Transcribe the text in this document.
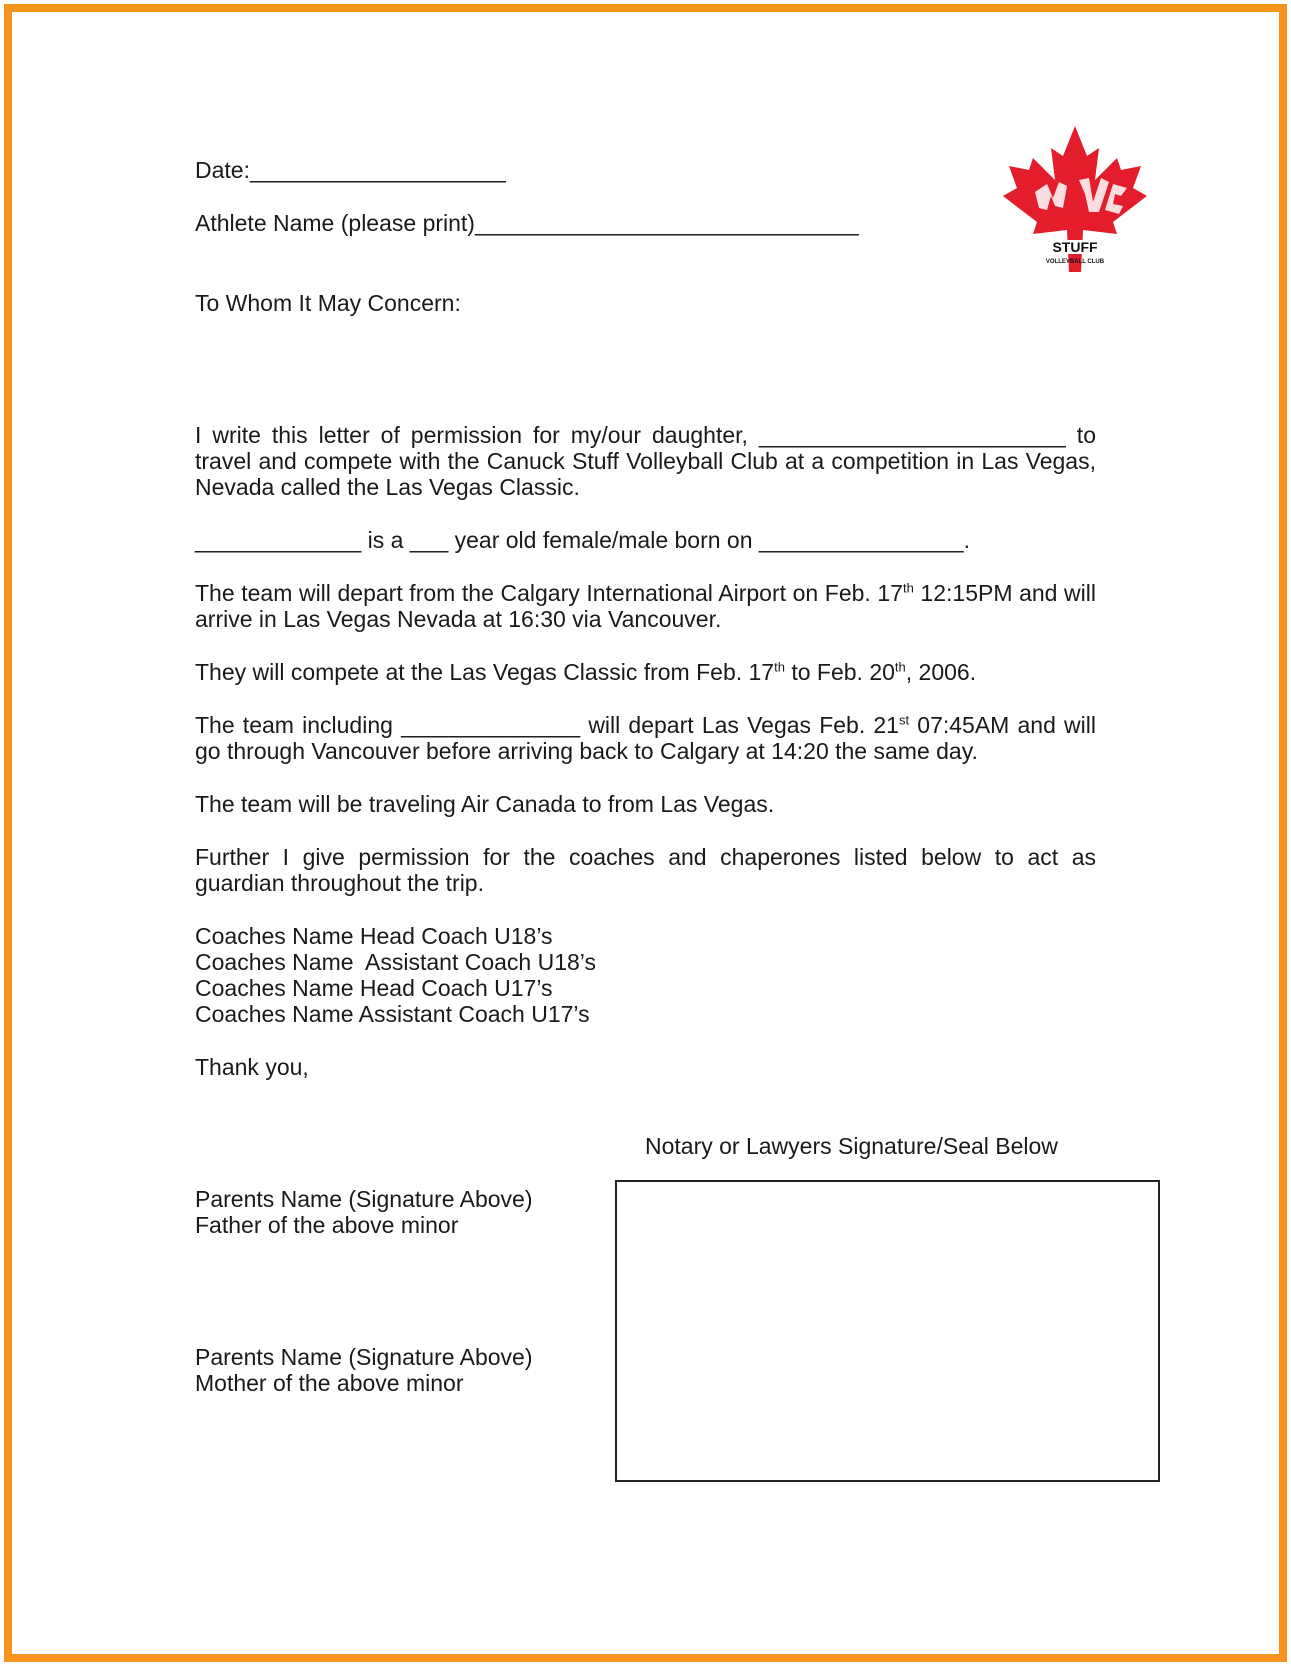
STUFF
VOLLEYBALL CLUB
Date:____________________
Athlete Name (please print)______________________________
To Whom It May Concern:
I write this letter of permission for my/our daughter, ________________________ to
travel and compete with the Canuck Stuff Volleyball Club at a competition in Las Vegas,
Nevada called the Las Vegas Classic.
_____________ is a ___ year old female/male born on ________________.
The team will depart from the Calgary International Airport on Feb. 17th 12:15PM and will
arrive in Las Vegas Nevada at 16:30 via Vancouver.
They will compete at the Las Vegas Classic from Feb. 17th to Feb. 20th, 2006.
The team including ______________ will depart Las Vegas Feb. 21st 07:45AM and will
go through Vancouver before arriving back to Calgary at 14:20 the same day.
The team will be traveling Air Canada to from Las Vegas.
Further I give permission for the coaches and chaperones listed below to act as
guardian throughout the trip.
Coaches Name Head Coach U18’s
Coaches Name  Assistant Coach U18’s
Coaches Name Head Coach U17’s
Coaches Name Assistant Coach U17’s
Thank you,
Notary or Lawyers Signature/Seal Below
Parents Name (Signature Above)
Father of the above minor
Parents Name (Signature Above)
Mother of the above minor
